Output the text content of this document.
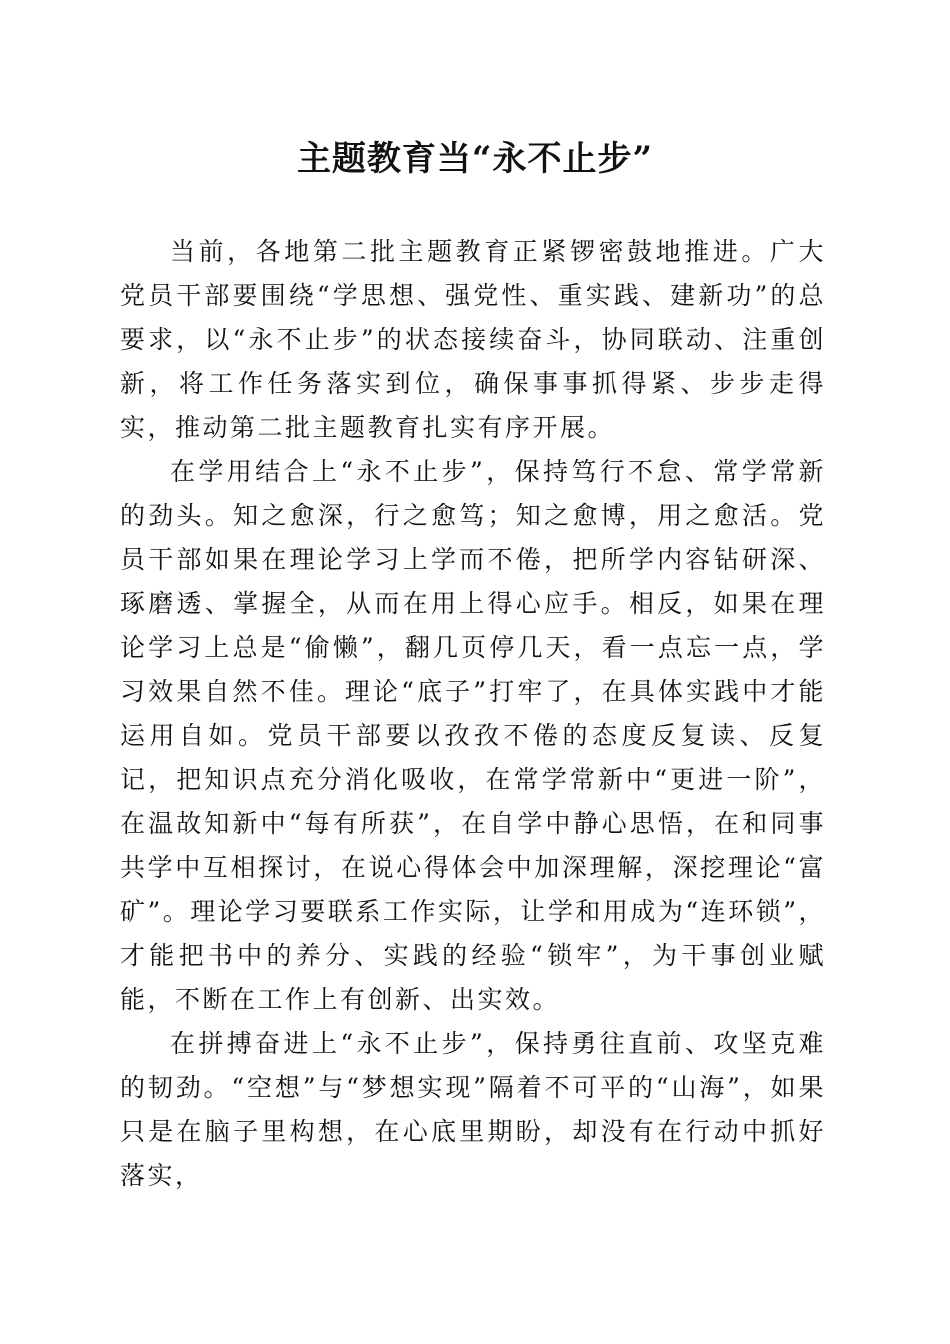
主题教育当“永不止步”

当前，各地第二批主题教育正紧锣密鼓地推进。广大党员干部要围绕“学思想、强党性、重实践、建新功”的总要求，以“永不止步”的状态接续奋斗，协同联动、注重创新，将工作任务落实到位，确保事事抓得紧、步步走得实，推动第二批主题教育扎实有序开展。

在学用结合上“永不止步”，保持笃行不怠、常学常新的劲头。知之愈深，行之愈笃；知之愈博，用之愈活。党员干部如果在理论学习上学而不倦，把所学内容钻研深、琢磨透、掌握全，从而在用上得心应手。相反，如果在理论学习上总是“偷懒”，翻几页停几天，看一点忘一点，学习效果自然不佳。理论“底子”打牢了，在具体实践中才能运用自如。党员干部要以孜孜不倦的态度反复读、反复记，把知识点充分消化吸收，在常学常新中“更进一阶”，在温故知新中“每有所获”，在自学中静心思悟，在和同事共学中互相探讨，在说心得体会中加深理解，深挖理论“富矿”。理论学习要联系工作实际，让学和用成为“连环锁”，才能把书中的养分、实践的经验“锁牢”，为干事创业赋能，不断在工作上有创新、出实效。

在拼搏奋进上“永不止步”，保持勇往直前、攻坚克难的韧劲。“空想”与“梦想实现”隔着不可平的“山海”，如果只是在脑子里构想，在心底里期盼，却没有在行动中抓好落实，
